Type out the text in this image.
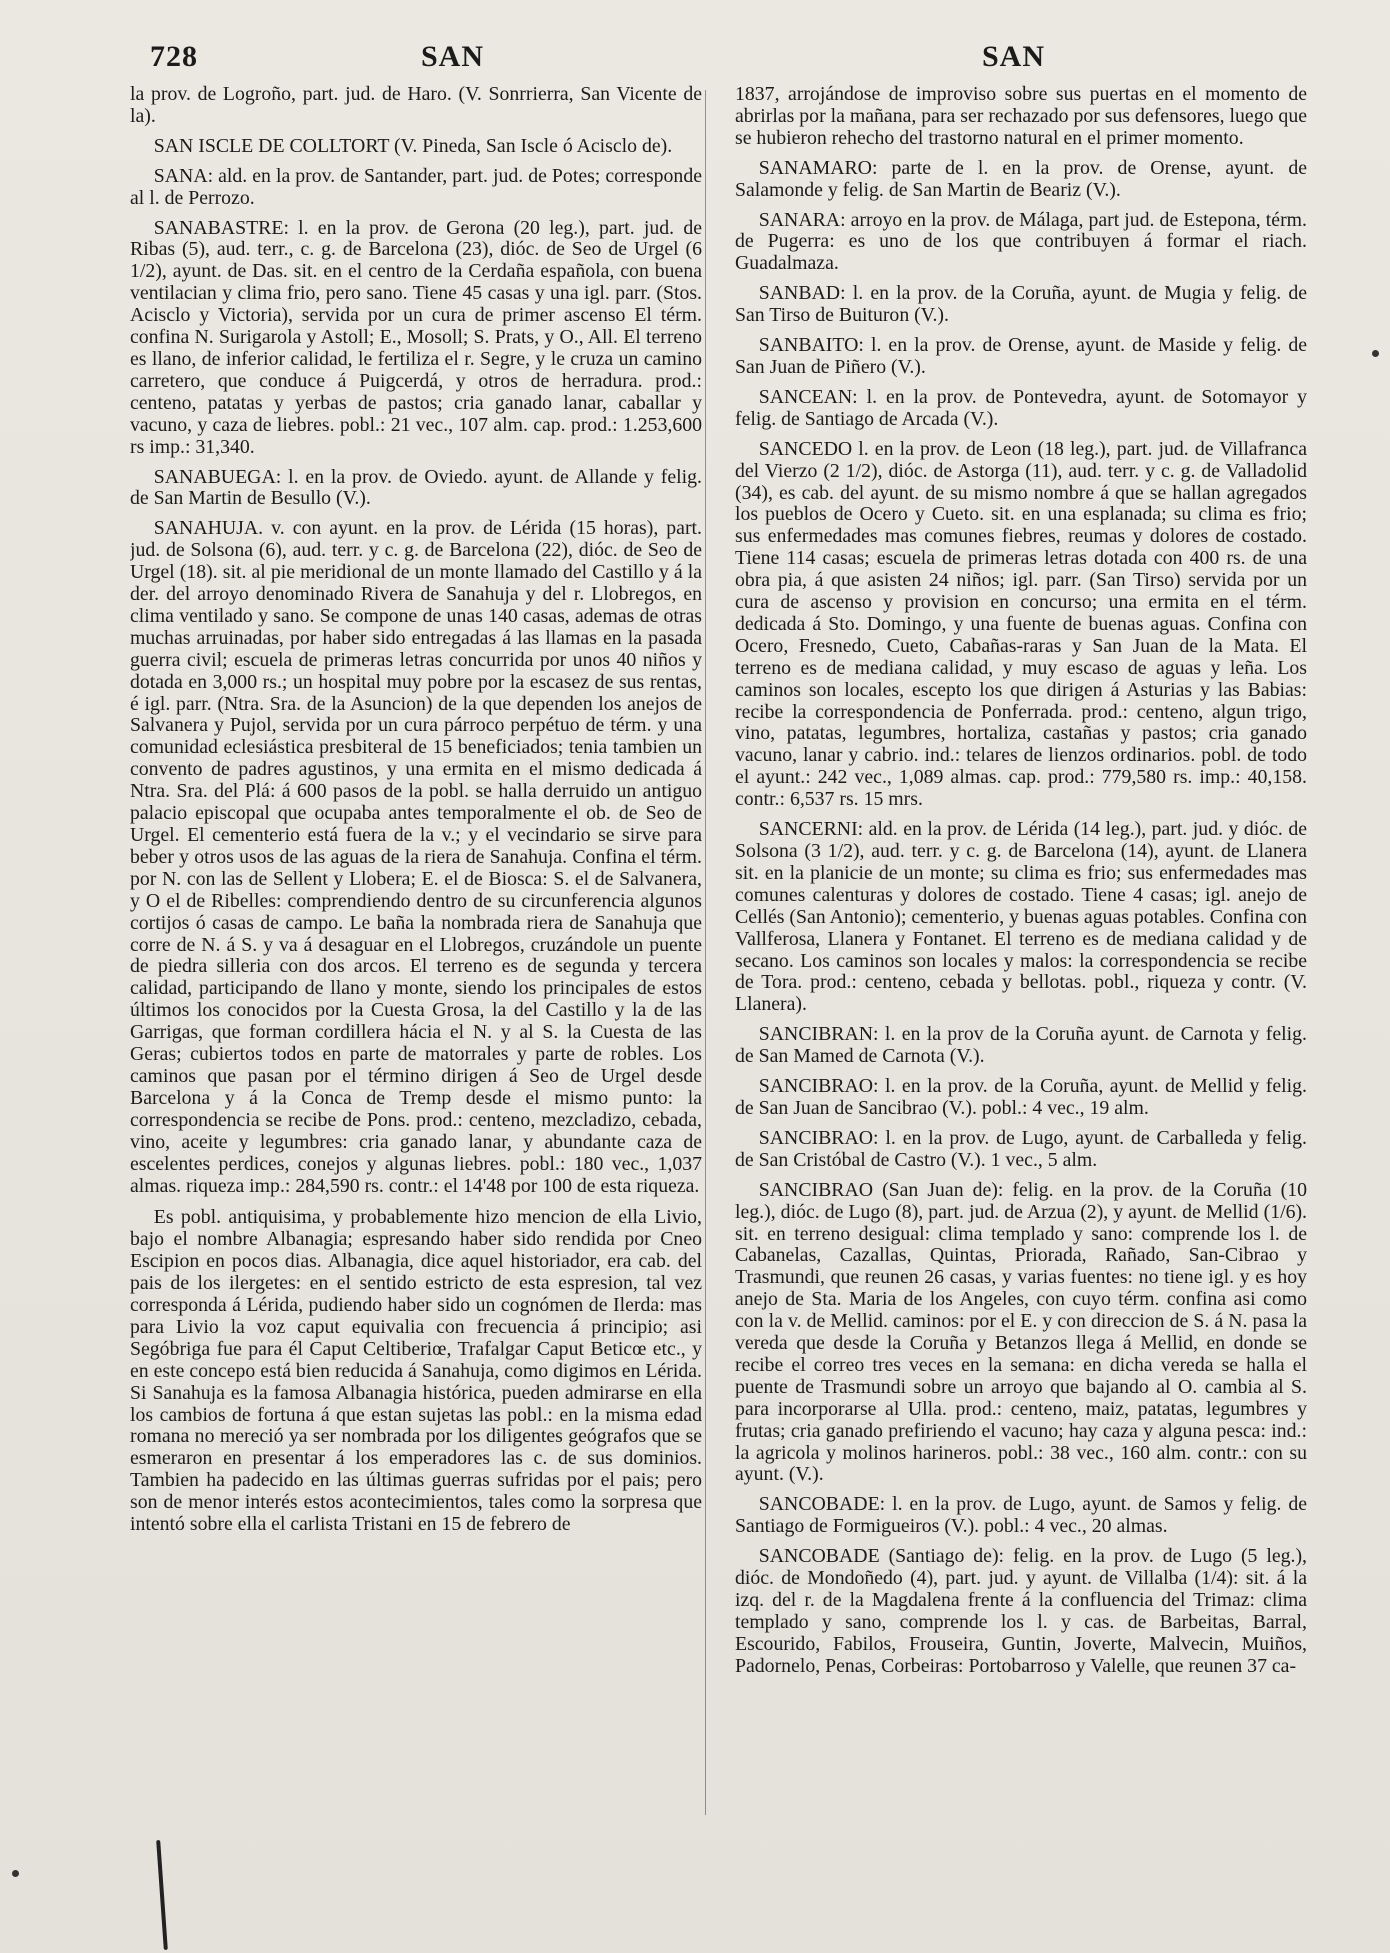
728	SAN	SAN

la prov. de Logroño, part. jud. de Haro. (V. Sonrrierra, San Vicente de la).

SAN ISCLE DE COLLTORT (V. Pineda, San Iscle ó Acisclo de).

SANA: ald. en la prov. de Santander, part. jud. de Potes; corresponde al l. de Perrozo.

SANABASTRE: l. en la prov. de Gerona (20 leg.), part. jud. de Ribas (5), aud. terr., c. g. de Barcelona (23), dióc. de Seo de Urgel (6 1/2), ayunt. de Das. sit. en el centro de la Cerdaña española, con buena ventilacian y clima frio, pero sano. Tiene 45 casas y una igl. parr. (Stos. Acisclo y Victoria), servida por un cura de primer ascenso El térm. confina N. Surigarola y Astoll; E., Mosoll; S. Prats, y O., All. El terreno es llano, de inferior calidad, le fertiliza el r. Segre, y le cruza un camino carretero, que conduce á Puigcerdá, y otros de herradura. prod.: centeno, patatas y yerbas de pastos; cria ganado lanar, caballar y vacuno, y caza de liebres. pobl.: 21 vec., 107 alm. cap. prod.: 1.253,600 rs imp.: 31,340.

SANABUEGA: l. en la prov. de Oviedo. ayunt. de Allande y felig. de San Martin de Besullo (V.).

SANAHUJA. v. con ayunt. en la prov. de Lérida (15 horas), part. jud. de Solsona (6), aud. terr. y c. g. de Barcelona (22), dióc. de Seo de Urgel (18). sit. al pie meridional de un monte llamado del Castillo y á la der. del arroyo denominado Rivera de Sanahuja y del r. Llobregos, en clima ventilado y sano. Se compone de unas 140 casas, ademas de otras muchas arruinadas, por haber sido entregadas á las llamas en la pasada guerra civil; escuela de primeras letras concurrida por unos 40 niños y dotada en 3,000 rs.; un hospital muy pobre por la escasez de sus rentas, é igl. parr. (Ntra. Sra. de la Asuncion) de la que dependen los anejos de Salvanera y Pujol, servida por un cura párroco perpétuo de térm. y una comunidad eclesiástica presbiteral de 15 beneficiados; tenia tambien un convento de padres agustinos, y una ermita en el mismo dedicada á Ntra. Sra. del Plá: á 600 pasos de la pobl. se halla derruido un antiguo palacio episcopal que ocupaba antes temporalmente el ob. de Seo de Urgel. El cementerio está fuera de la v.; y el vecindario se sirve para beber y otros usos de las aguas de la riera de Sanahuja. Confina el térm. por N. con las de Sellent y Llobera; E. el de Biosca: S. el de Salvanera, y O el de Ribelles: comprendiendo dentro de su circunferencia algunos cortijos ó casas de campo. Le baña la nombrada riera de Sanahuja que corre de N. á S. y va á desaguar en el Llobregos, cruzándole un puente de piedra silleria con dos arcos. El terreno es de segunda y tercera calidad, participando de llano y monte, siendo los principales de estos últimos los conocidos por la Cuesta Grosa, la del Castillo y la de las Garrigas, que forman cordillera hácia el N. y al S. la Cuesta de las Geras; cubiertos todos en parte de matorrales y parte de robles. Los caminos que pasan por el término dirigen á Seo de Urgel desde Barcelona y á la Conca de Tremp desde el mismo punto: la correspondencia se recibe de Pons. prod.: centeno, mezcladizo, cebada, vino, aceite y legumbres: cria ganado lanar, y abundante caza de escelentes perdices, conejos y algunas liebres. pobl.: 180 vec., 1,037 almas. riqueza imp.: 284,590 rs. contr.: el 14'48 por 100 de esta riqueza.

Es pobl. antiquisima, y probablemente hizo mencion de ella Livio, bajo el nombre Albanagia; espresando haber sido rendida por Cneo Escipion en pocos dias. Albanagia, dice aquel historiador, era cab. del pais de los ilergetes: en el sentido estricto de esta espresion, tal vez corresponda á Lérida, pudiendo haber sido un cognómen de Ilerda: mas para Livio la voz caput equivalia con frecuencia á principio; asi Segóbriga fue para él Caput Celtiberiœ, Trafalgar Caput Beticœ etc., y en este concepo está bien reducida á Sanahuja, como digimos en Lérida. Si Sanahuja es la famosa Albanagia histórica, pueden admirarse en ella los cambios de fortuna á que estan sujetas las pobl.: en la misma edad romana no mereció ya ser nombrada por los diligentes geógrafos que se esmeraron en presentar á los emperadores las c. de sus dominios. Tambien ha padecido en las últimas guerras sufridas por el pais; pero son de menor interés estos acontecimientos, tales como la sorpresa que intentó sobre ella el carlista Tristani en 15 de febrero de

1837, arrojándose de improviso sobre sus puertas en el momento de abrirlas por la mañana, para ser rechazado por sus defensores, luego que se hubieron rehecho del trastorno natural en el primer momento.

SANAMARO: parte de l. en la prov. de Orense, ayunt. de Salamonde y felig. de San Martin de Beariz (V.).

SANARA: arroyo en la prov. de Málaga, part jud. de Estepona, térm. de Pugerra: es uno de los que contribuyen á formar el riach. Guadalmaza.

SANBAD: l. en la prov. de la Coruña, ayunt. de Mugia y felig. de San Tirso de Buituron (V.).

SANBAITO: l. en la prov. de Orense, ayunt. de Maside y felig. de San Juan de Piñero (V.).

SANCEAN: l. en la prov. de Pontevedra, ayunt. de Sotomayor y felig. de Santiago de Arcada (V.).

SANCEDO l. en la prov. de Leon (18 leg.), part. jud. de Villafranca del Vierzo (2 1/2), dióc. de Astorga (11), aud. terr. y c. g. de Valladolid (34), es cab. del ayunt. de su mismo nombre á que se hallan agregados los pueblos de Ocero y Cueto. sit. en una esplanada; su clima es frio; sus enfermedades mas comunes fiebres, reumas y dolores de costado. Tiene 114 casas; escuela de primeras letras dotada con 400 rs. de una obra pia, á que asisten 24 niños; igl. parr. (San Tirso) servida por un cura de ascenso y provision en concurso; una ermita en el térm. dedicada á Sto. Domingo, y una fuente de buenas aguas. Confina con Ocero, Fresnedo, Cueto, Cabañas-raras y San Juan de la Mata. El terreno es de mediana calidad, y muy escaso de aguas y leña. Los caminos son locales, escepto los que dirigen á Asturias y las Babias: recibe la correspondencia de Ponferrada. prod.: centeno, algun trigo, vino, patatas, legumbres, hortaliza, castañas y pastos; cria ganado vacuno, lanar y cabrio. ind.: telares de lienzos ordinarios. pobl. de todo el ayunt.: 242 vec., 1,089 almas. cap. prod.: 779,580 rs. imp.: 40,158. contr.: 6,537 rs. 15 mrs.

SANCERNI: ald. en la prov. de Lérida (14 leg.), part. jud. y dióc. de Solsona (3 1/2), aud. terr. y c. g. de Barcelona (14), ayunt. de Llanera sit. en la planicie de un monte; su clima es frio; sus enfermedades mas comunes calenturas y dolores de costado. Tiene 4 casas; igl. anejo de Cellés (San Antonio); cementerio, y buenas aguas potables. Confina con Vallferosa, Llanera y Fontanet. El terreno es de mediana calidad y de secano. Los caminos son locales y malos: la correspondencia se recibe de Tora. prod.: centeno, cebada y bellotas. pobl., riqueza y contr. (V. Llanera).

SANCIBRAN: l. en la prov de la Coruña ayunt. de Carnota y felig. de San Mamed de Carnota (V.).

SANCIBRAO: l. en la prov. de la Coruña, ayunt. de Mellid y felig. de San Juan de Sancibrao (V.). pobl.: 4 vec., 19 alm.

SANCIBRAO: l. en la prov. de Lugo, ayunt. de Carballeda y felig. de San Cristóbal de Castro (V.). 1 vec., 5 alm.

SANCIBRAO (San Juan de): felig. en la prov. de la Coruña (10 leg.), dióc. de Lugo (8), part. jud. de Arzua (2), y ayunt. de Mellid (1/6). sit. en terreno desigual: clima templado y sano: comprende los l. de Cabanelas, Cazallas, Quintas, Priorada, Rañado, San-Cibrao y Trasmundi, que reunen 26 casas, y varias fuentes: no tiene igl. y es hoy anejo de Sta. Maria de los Angeles, con cuyo térm. confina asi como con la v. de Mellid. caminos: por el E. y con direccion de S. á N. pasa la vereda que desde la Coruña y Betanzos llega á Mellid, en donde se recibe el correo tres veces en la semana: en dicha vereda se halla el puente de Trasmundi sobre un arroyo que bajando al O. cambia al S. para incorporarse al Ulla. prod.: centeno, maiz, patatas, legumbres y frutas; cria ganado prefiriendo el vacuno; hay caza y alguna pesca: ind.: la agricola y molinos harineros. pobl.: 38 vec., 160 alm. contr.: con su ayunt. (V.).

SANCOBADE: l. en la prov. de Lugo, ayunt. de Samos y felig. de Santiago de Formigueiros (V.). pobl.: 4 vec., 20 almas.

SANCOBADE (Santiago de): felig. en la prov. de Lugo (5 leg.), dióc. de Mondoñedo (4), part. jud. y ayunt. de Villalba (1/4): sit. á la izq. del r. de la Magdalena frente á la confluencia del Trimaz: clima templado y sano, comprende los l. y cas. de Barbeitas, Barral, Escourido, Fabilos, Frouseira, Guntin, Joverte, Malvecin, Muiños, Padornelo, Penas, Corbeiras: Portobarroso y Valelle, que reunen 37 ca-
